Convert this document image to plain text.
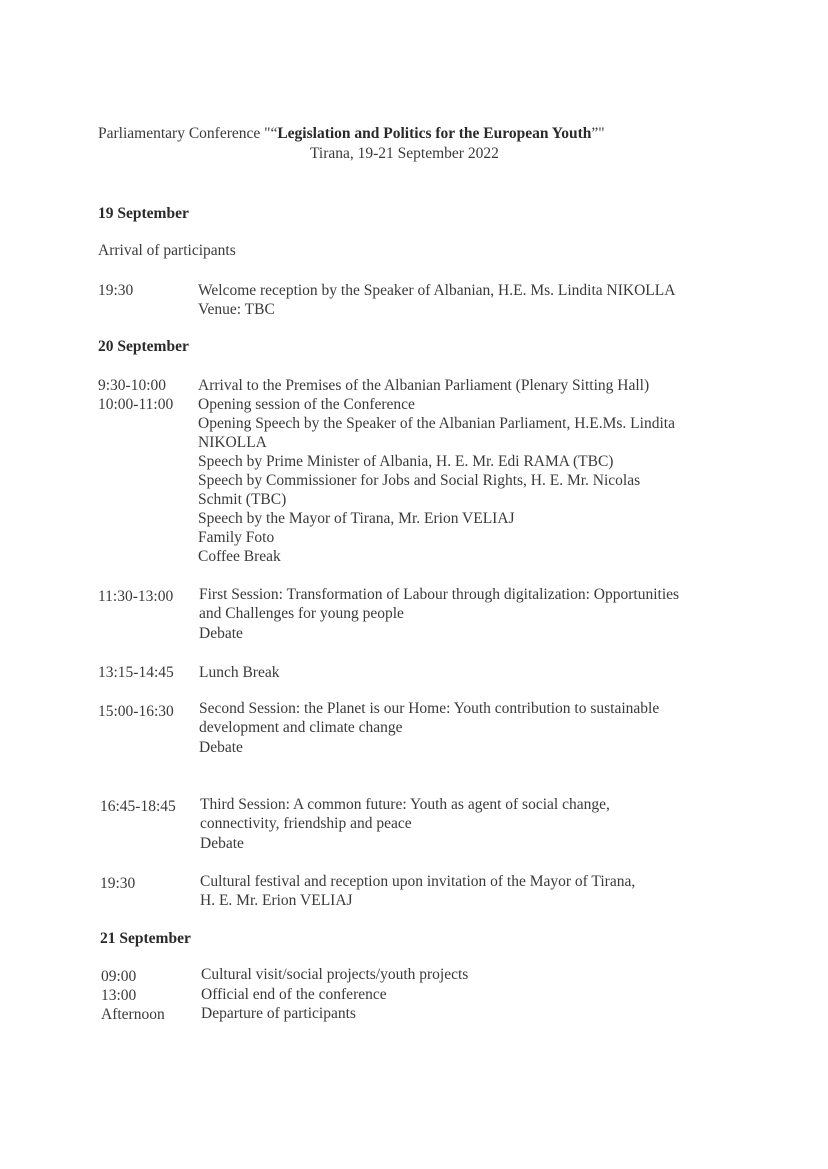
Parliamentary Conference "“Legislation and Politics for the European Youth”"
Tirana, 19-21 September 2022
19 September
Arrival of participants
19:30	Welcome reception by the Speaker of Albanian, H.E. Ms. Lindita NIKOLLA
Venue: TBC
20 September
9:30-10:00 Arrival to the Premises of the Albanian Parliament (Plenary Sitting Hall)
10:00-11:00 Opening session of the Conference
Opening Speech by the Speaker of the Albanian Parliament, H.E.Ms. Lindita
NIKOLLA
Speech by Prime Minister of Albania, H. E. Mr. Edi RAMA (TBC)
Speech by Commissioner for Jobs and Social Rights, H. E. Mr. Nicolas
Schmit (TBC)
Speech by the Mayor of Tirana, Mr. Erion VELIAJ
Family Foto
Coffee Break
11:30-13:00 First Session: Transformation of Labour through digitalization: Opportunities
and Challenges for young people
Debate
13:15-14:45 Lunch Break
15:00-16:30 Second Session: the Planet is our Home: Youth contribution to sustainable
development and climate change
Debate
16:45-18:45 Third Session: A common future: Youth as agent of social change,
connectivity, friendship and peace
Debate
19:30	Cultural festival and reception upon invitation of the Mayor of Tirana,
H. E. Mr. Erion VELIAJ
21 September
09:00	Cultural visit/social projects/youth projects
13:00	Official end of the conference
Afternoon Departure of participants
